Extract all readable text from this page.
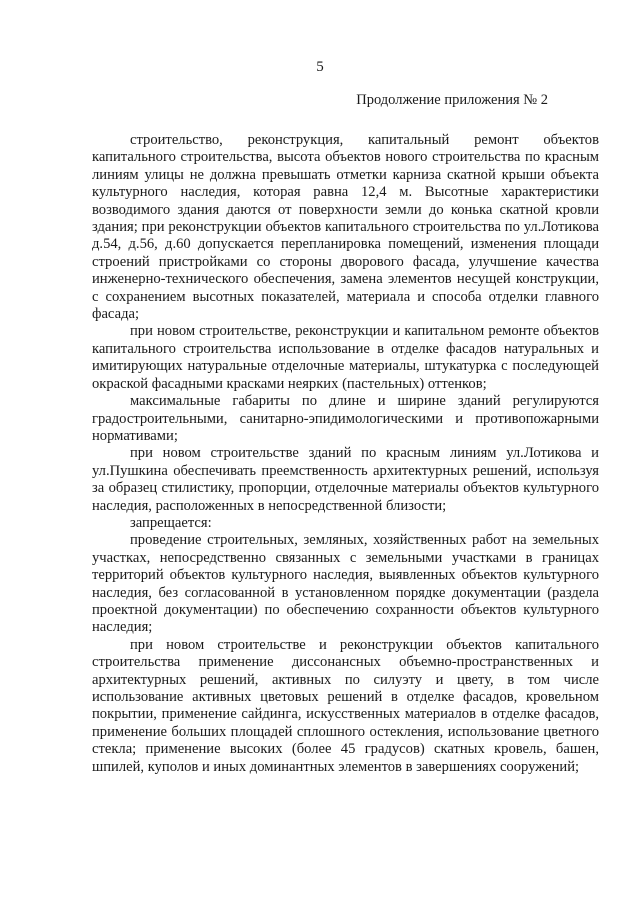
5
Продолжение приложения № 2

строительство, реконструкция, капитальный ремонт объектов капитального строительства, высота объектов нового строительства по красным линиям улицы не должна превышать отметки карниза скатной крыши объекта культурного наследия, которая равна 12,4 м. Высотные характеристики возводимого здания даются от поверхности земли до конька скатной кровли здания; при реконструкции объектов капитального строительства по ул.Лотикова д.54, д.56, д.60 допускается перепланировка помещений, изменения площади строений пристройками со стороны дворового фасада, улучшение качества инженерно-технического обеспечения, замена элементов несущей конструкции, с сохранением высотных показателей, материала и способа отделки главного фасада;

при новом строительстве, реконструкции и капитальном ремонте объектов капитального строительства использование в отделке фасадов натуральных и имитирующих натуральные отделочные материалы, штукатурка с последующей окраской фасадными красками неярких (пастельных) оттенков;

максимальные габариты по длине и ширине зданий регулируются градостроительными, санитарно-эпидимологическими и противопожарными нормативами;

при новом строительстве зданий по красным линиям ул.Лотикова и ул.Пушкина обеспечивать преемственность архитектурных решений, используя за образец стилистику, пропорции, отделочные материалы объектов культурного наследия, расположенных в непосредственной близости;

запрещается:

проведение строительных, земляных, хозяйственных работ на земельных участках, непосредственно связанных с земельными участками в границах территорий объектов культурного наследия, выявленных объектов культурного наследия, без согласованной в установленном порядке документации (раздела проектной документации) по обеспечению сохранности объектов культурного наследия;

при новом строительстве и реконструкции объектов капитального строительства применение диссонансных объемно-пространственных и архитектурных решений, активных по силуэту и цвету, в том числе использование активных цветовых решений в отделке фасадов, кровельном покрытии, применение сайдинга, искусственных материалов в отделке фасадов, применение больших площадей сплошного остекления, использование цветного стекла; применение высоких (более 45 градусов) скатных кровель, башен, шпилей, куполов и иных доминантных элементов в завершениях сооружений;
